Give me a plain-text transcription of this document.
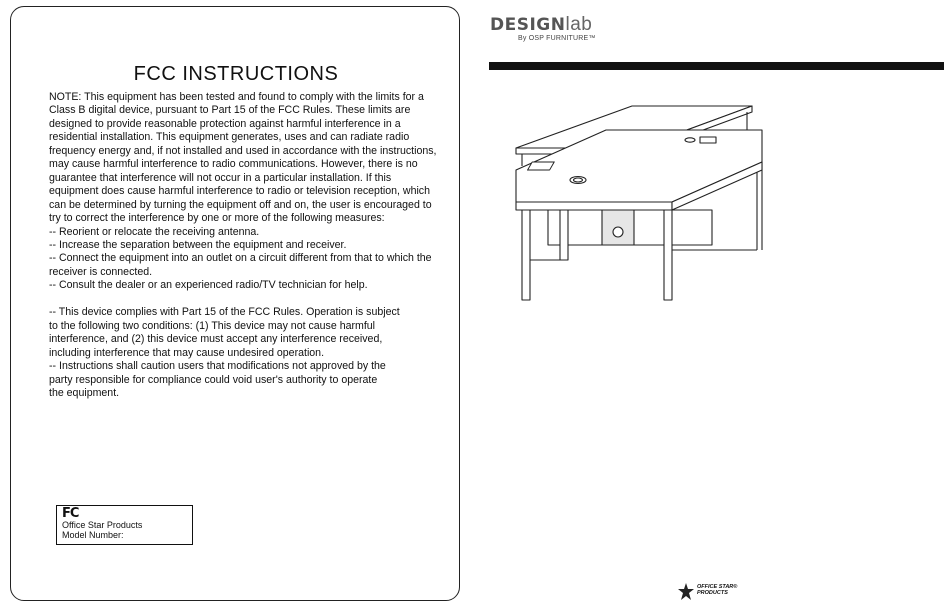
FCC INSTRUCTIONS
NOTE: This equipment has been tested and found to comply with the limits for a
Class B digital device, pursuant to Part 15 of the FCC Rules. These limits are
designed to provide reasonable protection against harmful interference in a
residential installation. This equipment generates, uses and can radiate radio
frequency energy and, if not installed and used in accordance with the instructions,
may cause harmful interference to radio communications. However, there is no
guarantee that interference will not occur in a particular installation. If this
equipment does cause harmful interference to radio or television reception, which
can be determined by turning the equipment off and on, the user is encouraged to
try to correct the interference by one or more of the following measures:
-- Reorient or relocate the receiving antenna.
-- Increase the separation between the equipment and receiver.
-- Connect the equipment into an outlet on a circuit different from that to which the
receiver is connected.
-- Consult the dealer or an experienced radio/TV technician for help.
-- This device complies with Part 15 of the FCC Rules. Operation is subject
to the following two conditions: (1) This device may not cause harmful
interference, and (2) this device must accept any interference received,
including interference that may cause undesired operation.
-- Instructions shall caution users that modifications not approved by the
party responsible for compliance could void user's authority to operate
the equipment.
FC
Office Star Products
Model Number:
DESIGNlab
By OSP FURNITURE™
OFFICE STAR®
PRODUCTS
